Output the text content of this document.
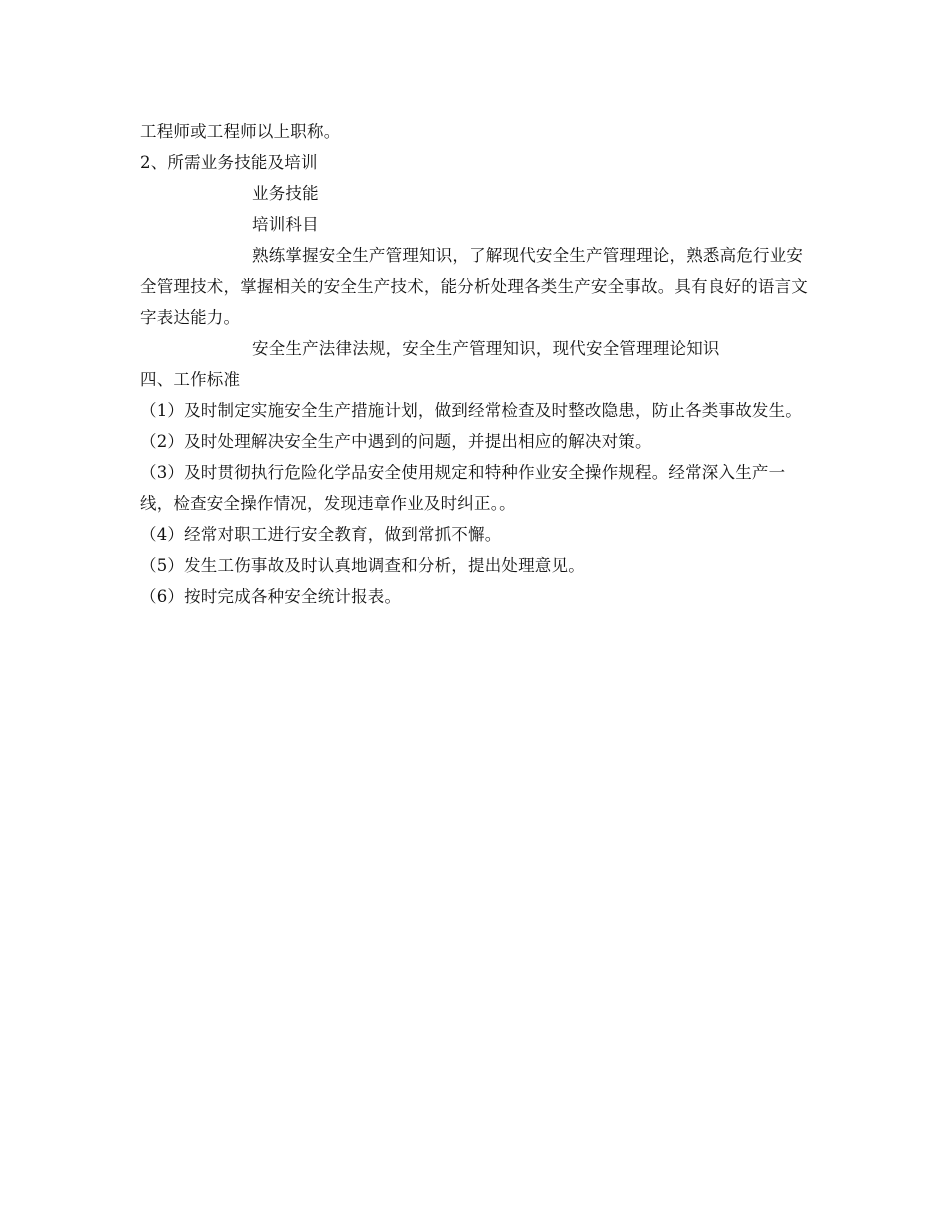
工程师或工程师以上职称。

2、所需业务技能及培训

业务技能

培训科目

熟练掌握安全生产管理知识，了解现代安全生产管理理论，熟悉高危行业安全管理技术，掌握相关的安全生产技术，能分析处理各类生产安全事故。具有良好的语言文字表达能力。

安全生产法律法规，安全生产管理知识，现代安全管理理论知识

四、工作标准

（1）及时制定实施安全生产措施计划，做到经常检查及时整改隐患，防止各类事故发生。

（2）及时处理解决安全生产中遇到的问题，并提出相应的解决对策。

（3）及时贯彻执行危险化学品安全使用规定和特种作业安全操作规程。经常深入生产一线，检查安全操作情况，发现违章作业及时纠正。。

（4）经常对职工进行安全教育，做到常抓不懈。

（5）发生工伤事故及时认真地调查和分析，提出处理意见。

（6）按时完成各种安全统计报表。
